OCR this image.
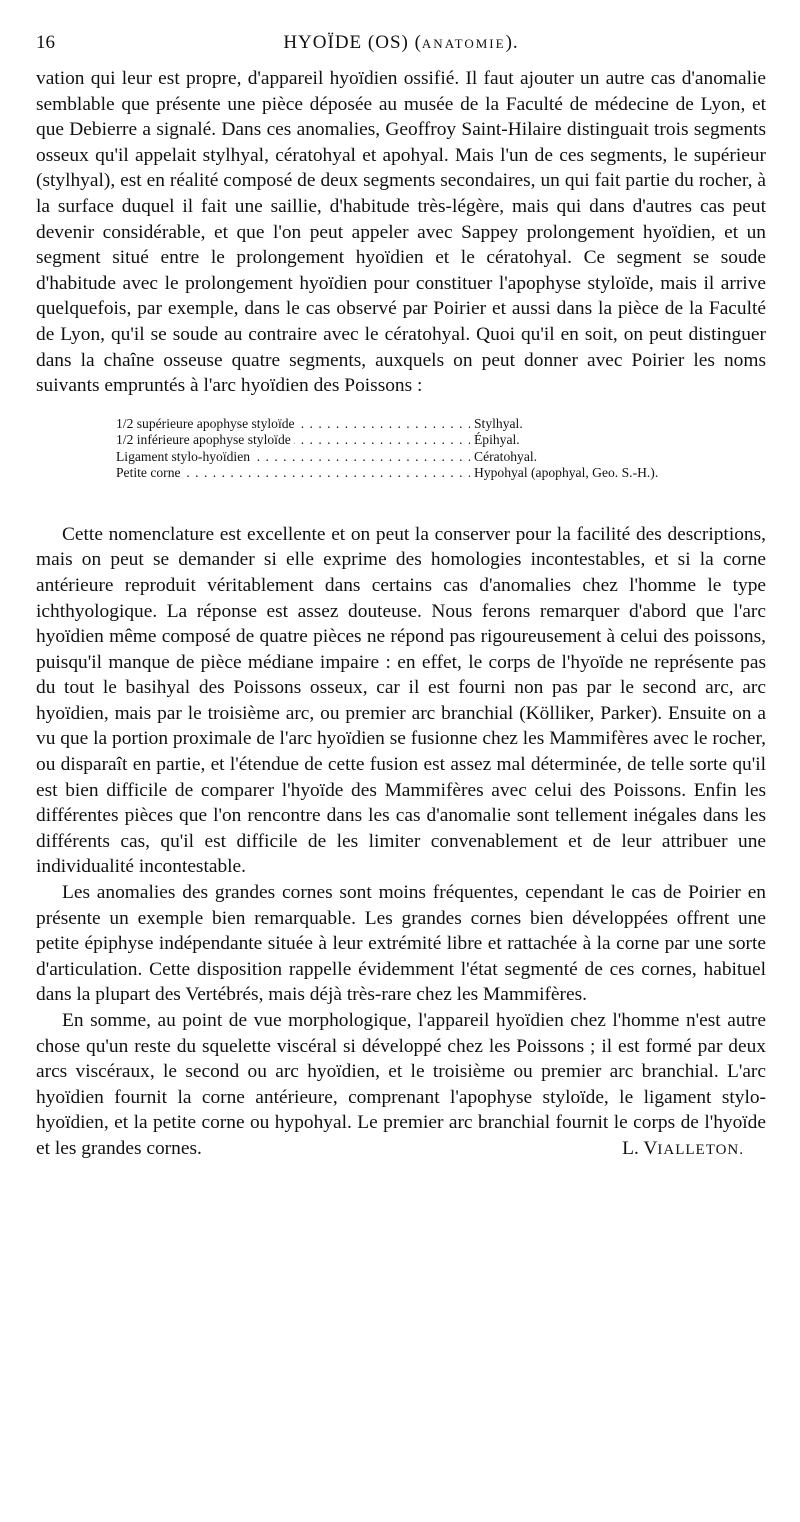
16	HYOÏDE (OS) (ANATOMIE).

vation qui leur est propre, d'appareil hyoïdien ossifié. Il faut ajouter un autre cas d'anomalie semblable que présente une pièce déposée au musée de la Faculté de médecine de Lyon, et que Debierre a signalé. Dans ces anomalies, Geoffroy Saint-Hilaire distinguait trois segments osseux qu'il appelait stylhyal, cératohyal et apohyal. Mais l'un de ces segments, le supérieur (stylhyal), est en réalité composé de deux segments secondaires, un qui fait partie du rocher, à la surface duquel il fait une saillie, d'habitude très-légère, mais qui dans d'autres cas peut devenir considérable, et que l'on peut appeler avec Sappey prolongement hyoïdien, et un segment situé entre le prolongement hyoïdien et le cératohyal. Ce segment se soude d'habitude avec le prolongement hyoïdien pour constituer l'apophyse styloïde, mais il arrive quelquefois, par exemple, dans le cas observé par Poirier et aussi dans la pièce de la Faculté de Lyon, qu'il se soude au contraire avec le cératohyal. Quoi qu'il en soit, on peut distinguer dans la chaîne osseuse quatre segments, auxquels on peut donner avec Poirier les noms suivants empruntés à l'arc hyoïdien des Poissons :

1/2 supérieure apophyse styloïde . . .	Stylhyal.
1/2 inférieure apophyse styloïde . . .	Épihyal.
Ligament stylo-hyoïdien . . .	Cératohyal.
Petite corne . . .	Hypohyal (apophyal, Geo. S.-H.).

Cette nomenclature est excellente et on peut la conserver pour la facilité des descriptions, mais on peut se demander si elle exprime des homologies incontestables, et si la corne antérieure reproduit véritablement dans certains cas d'anomalies chez l'homme le type ichthyologique. La réponse est assez douteuse. Nous ferons remarquer d'abord que l'arc hyoïdien même composé de quatre pièces ne répond pas rigoureusement à celui des poissons, puisqu'il manque de pièce médiane impaire : en effet, le corps de l'hyoïde ne représente pas du tout le basihyal des Poissons osseux, car il est fourni non pas par le second arc, arc hyoïdien, mais par le troisième arc, ou premier arc branchial (Kölliker, Parker). Ensuite on a vu que la portion proximale de l'arc hyoïdien se fusionne chez les Mammifères avec le rocher, ou disparaît en partie, et l'étendue de cette fusion est assez mal déterminée, de telle sorte qu'il est bien difficile de comparer l'hyoïde des Mammifères avec celui des Poissons. Enfin les différentes pièces que l'on rencontre dans les cas d'anomalie sont tellement inégales dans les différents cas, qu'il est difficile de les limiter convenablement et de leur attribuer une individualité incontestable.

Les anomalies des grandes cornes sont moins fréquentes, cependant le cas de Poirier en présente un exemple bien remarquable. Les grandes cornes bien développées offrent une petite épiphyse indépendante située à leur extrémité libre et rattachée à la corne par une sorte d'articulation. Cette disposition rappelle évidemment l'état segmenté de ces cornes, habituel dans la plupart des Vertébrés, mais déjà très-rare chez les Mammifères.

En somme, au point de vue morphologique, l'appareil hyoïdien chez l'homme n'est autre chose qu'un reste du squelette viscéral si développé chez les Poissons ; il est formé par deux arcs viscéraux, le second ou arc hyoïdien, et le troisième ou premier arc branchial. L'arc hyoïdien fournit la corne antérieure, comprenant l'apophyse styloïde, le ligament stylo-hyoïdien, et la petite corne ou hypohyal. Le premier arc branchial fournit le corps de l'hyoïde et les grandes cornes.	L. VIALLETON.
